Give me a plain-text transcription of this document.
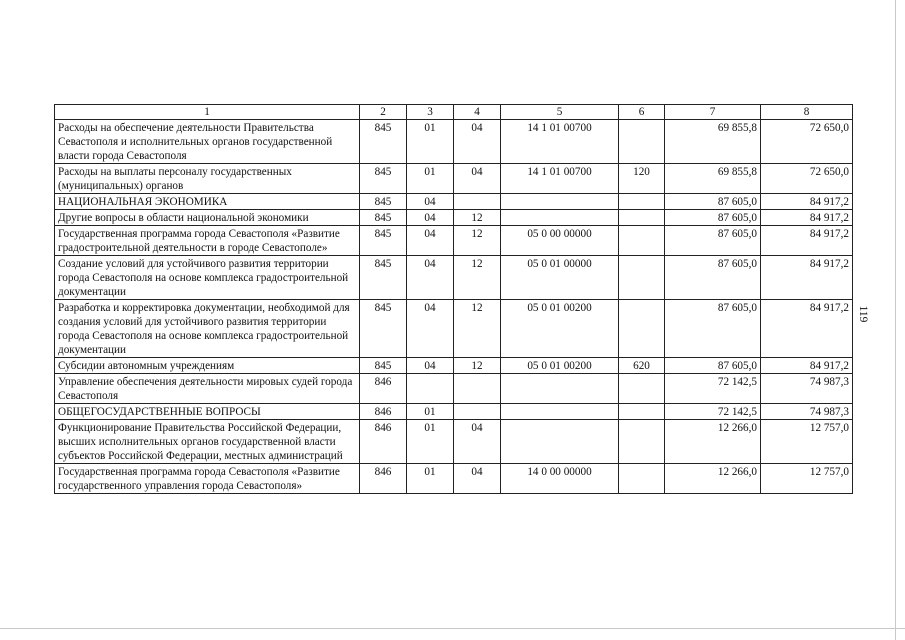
1	2	3	4	5	6	7	8
Расходы на обеспечение деятельности Правительства Севастополя и исполнительных органов государственной власти города Севастополя	845	01	04	14 1 01 00700		69 855,8	72 650,0
Расходы на выплаты персоналу государственных (муниципальных) органов	845	01	04	14 1 01 00700	120	69 855,8	72 650,0
НАЦИОНАЛЬНАЯ ЭКОНОМИКА	845	04				87 605,0	84 917,2
Другие вопросы в области национальной экономики	845	04	12			87 605,0	84 917,2
Государственная программа города Севастополя «Развитие градостроительной деятельности в городе Севастополе»	845	04	12	05 0 00 00000		87 605,0	84 917,2
Создание условий для устойчивого развития территории города Севастополя на основе комплекса градостроительной документации	845	04	12	05 0 01 00000		87 605,0	84 917,2
Разработка и корректировка документации, необходимой для создания условий для устойчивого развития территории города Севастополя на основе комплекса градостроительной документации	845	04	12	05 0 01 00200		87 605,0	84 917,2
Субсидии автономным учреждениям	845	04	12	05 0 01 00200	620	87 605,0	84 917,2
Управление обеспечения деятельности мировых судей города Севастополя	846					72 142,5	74 987,3
ОБЩЕГОСУДАРСТВЕННЫЕ ВОПРОСЫ	846	01				72 142,5	74 987,3
Функционирование Правительства Российской Федерации, высших исполнительных органов государственной власти субъектов Российской Федерации, местных администраций	846	01	04			12 266,0	12 757,0
Государственная программа города Севастополя «Развитие государственного управления города Севастополя»	846	01	04	14 0 00 00000		12 266,0	12 757,0
119
